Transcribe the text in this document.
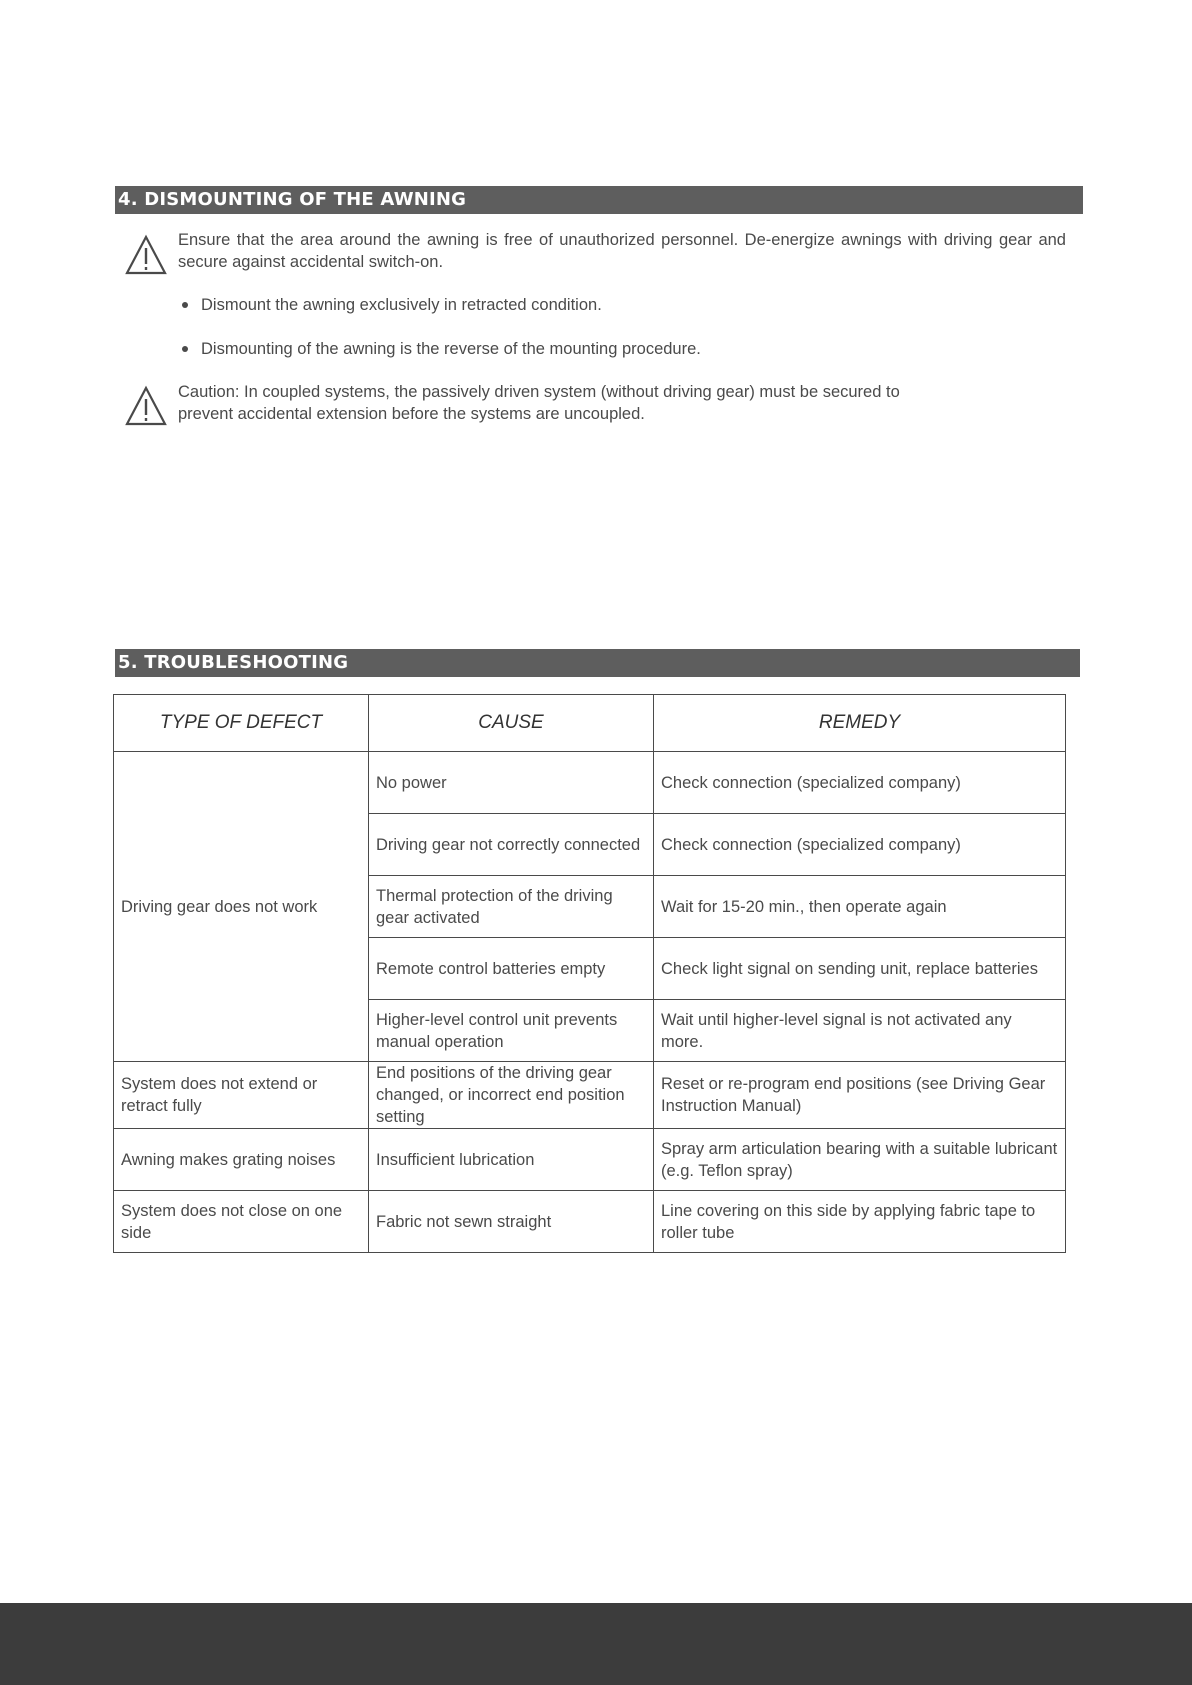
4. DISMOUNTING OF THE AWNING
Ensure that the area around the awning is free of unauthorized personnel. De-energize awnings with driving gear and secure against accidental switch-on.
Dismount the awning exclusively in retracted condition.
Dismounting of the awning is the reverse of the mounting procedure.
Caution: In coupled systems, the passively driven system (without driving gear) must be secured to
prevent accidental extension before the systems are uncoupled.
5. TROUBLESHOOTING
TYPE OF DEFECT	CAUSE	REMEDY
Driving gear does not work	No power	Check connection (specialized company)
	Driving gear not correctly connected	Check connection (specialized company)
	Thermal protection of the driving gear activated	Wait for 15-20 min., then operate again
	Remote control batteries empty	Check light signal on sending unit, replace batteries
	Higher-level control unit prevents manual operation	Wait until higher-level signal is not activated any more.
System does not extend or retract fully	End positions of the driving gear changed, or incorrect end position setting	Reset or re-program end positions (see Driving Gear Instruction Manual)
Awning makes grating noises	Insufficient lubrication	Spray arm articulation bearing with a suitable lubricant (e.g. Teflon spray)
System does not close on one side	Fabric not sewn straight	Line covering on this side by applying fabric tape to roller tube
